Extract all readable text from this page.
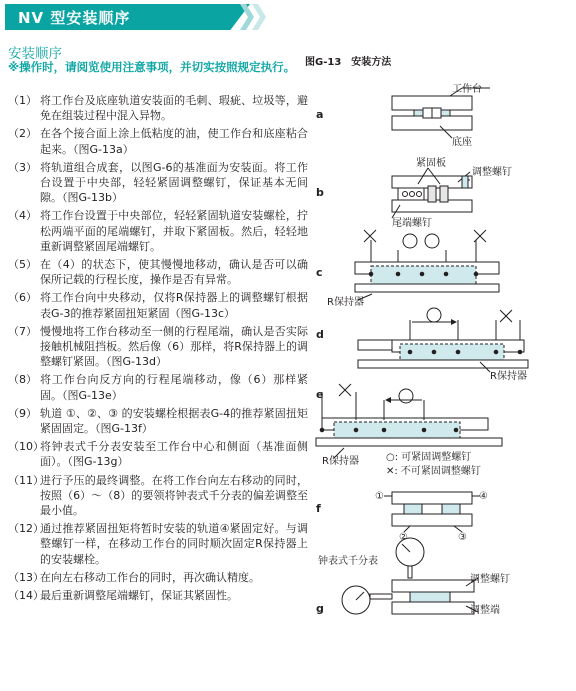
NV 型安装顺序
安装顺序
※操作时，请阅览使用注意事项，并切实按照规定执行。
（1） 将工作台及底座轨道安装面的毛刺、瑕疵、垃圾等，避免在组装过程中混入异物。
（2） 在各个接合面上涂上低粘度的油，使工作台和底座粘合起来。（图G-13a）
（3） 将轨道组合成套，以图G-6的基准面为安装面。将工作台设置于中央部，轻轻紧固调整螺钉，保证基本无间隙。（图G-13b）
（4） 将工作台设置于中央部位，轻轻紧固轨道安装螺栓，拧松两端平面的尾端螺钉，并取下紧固板。然后，轻轻地重新调整紧固尾端螺钉。
（5） 在（4）的状态下，使其慢慢地移动，确认是否可以确保所记载的行程长度，操作是否有异常。
（6） 将工作台向中央移动，仅将R保持器上的调整螺钉根据表G-3的推荐紧固扭矩紧固（图G-13c）
（7） 慢慢地将工作台移动至一侧的行程尾端，确认是否实际接触机械阻挡板。然后像（6）那样，将R保持器上的调整螺钉紧固。（图G-13d）
（8） 将工作台向反方向的行程尾端移动，像（6）那样紧固。（图G-13e）
（9） 轨道 ①、②、③ 的安装螺栓根据表G-4的推荐紧固扭矩紧固固定。（图G-13f）
（10）
将钟表式千分表安装至工作台中心和侧面（基准面侧面）。（图G-13g）
（11）
进行予压的最终调整。在将工作台向左右移动的同时，按照（6）～（8）的要领将钟表式千分表的偏差调整至最小值。
（12）
通过推荐紧固扭矩将暂时安装的轨道④紧固定好。与调整螺钉一样，在移动工作台的同时顺次固定R保持器上的安装螺栓。
（13）
在向左右移动工作台的同时，再次确认精度。
（14）
最后重新调整尾端螺钉，保证其紧固性。
图G-13 安装方法
a
工作台
底座
b
紧固板
调整螺钉
尾端螺钉
c
R保持器
d
R保持器
e
R保持器	○: 可紧固调整螺钉
✕: 不可紧固调整螺钉
f
①
②	③
④
g
钟表式千分表
调整螺钉
调整端
